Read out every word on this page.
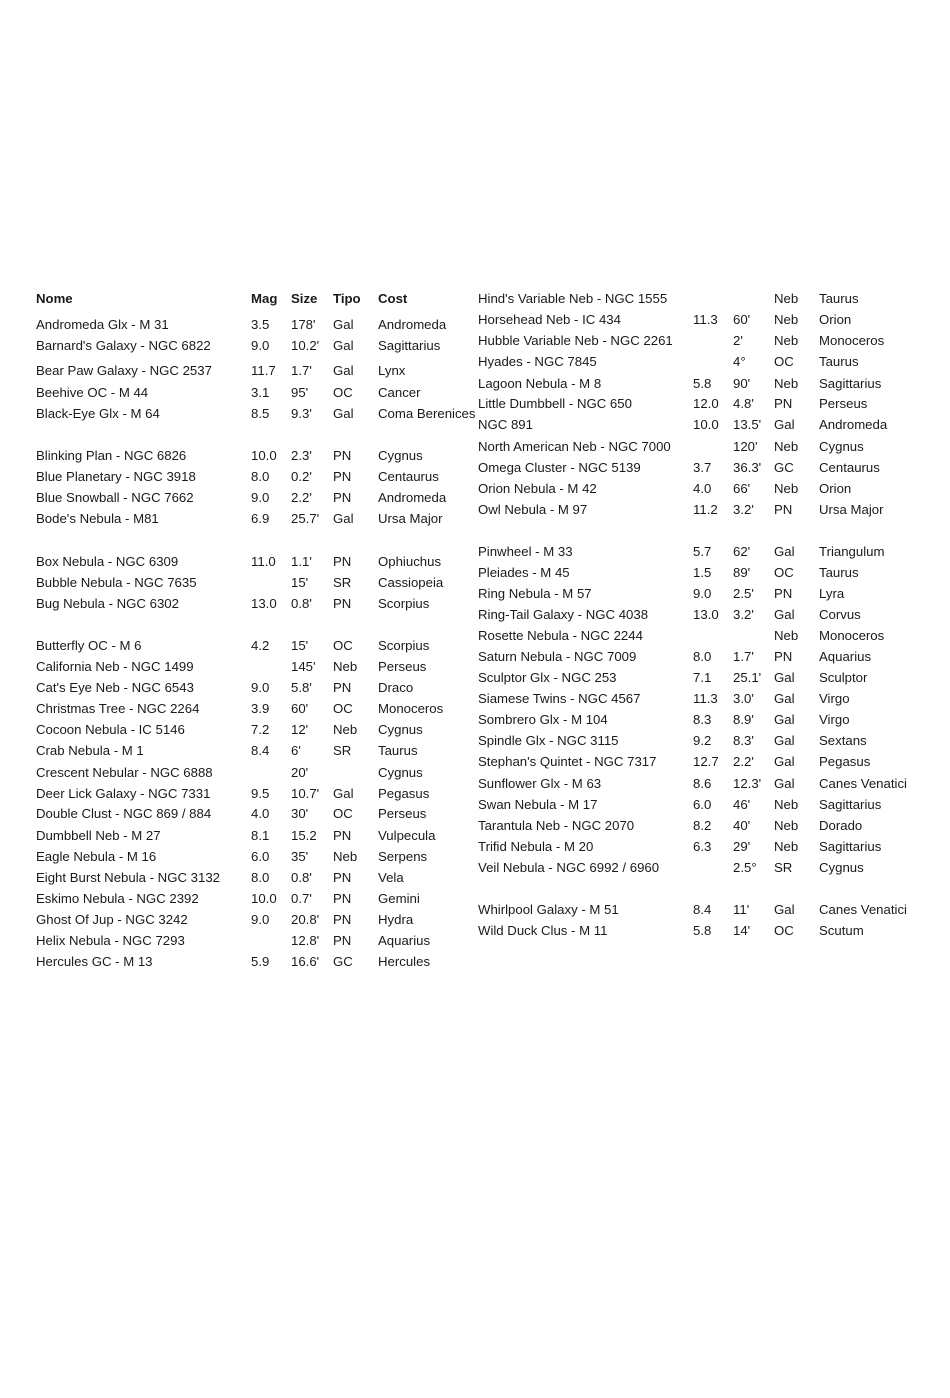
Nome	Mag Size Tipo Cost
Andromeda Glx - M 31	3.5 178' Gal Andromeda
Barnard's Galaxy - NGC 6822	9.0 10.2' Gal Sagittarius
Bear Paw Galaxy - NGC 2537	11.7 1.7' Gal Lynx
Beehive OC - M 44	3.1 95' OC Cancer
Black-Eye Glx - M 64	8.5 9.3' Gal Coma Berenices
Blinking Plan - NGC 6826	10.0 2.3' PN Cygnus
Blue Planetary - NGC 3918	8.0 0.2' PN Centaurus
Blue Snowball - NGC 7662	9.0 2.2' PN Andromeda
Bode's Nebula - M81	6.9 25.7' Gal Ursa Major
Box Nebula - NGC 6309	11.0 1.1' PN Ophiuchus
Bubble Nebula - NGC 7635	15' SR Cassiopeia
Bug Nebula - NGC 6302	13.0 0.8' PN Scorpius
Butterfly OC - M 6	4.2 15' OC Scorpius
California Neb - NGC 1499	145' Neb Perseus
Cat's Eye Neb - NGC 6543	9.0 5.8' PN Draco
Christmas Tree - NGC 2264	3.9 60' OC Monoceros
Cocoon Nebula - IC 5146	7.2 12' Neb Cygnus
Crab Nebula - M 1	8.4 6' SR Taurus
Crescent Nebular - NGC 6888	20'	Cygnus
Deer Lick Galaxy - NGC 7331	9.5 10.7' Gal Pegasus
Double Clust - NGC 869 / 884	4.0 30' OC Perseus
Dumbbell Neb - M 27	8.1 15.2 PN Vulpecula
Eagle Nebula - M 16	6.0 35' Neb Serpens
Eight Burst Nebula - NGC 3132 8.0 0.8' PN Vela
Eskimo Nebula - NGC 2392	10.0 0.7' PN Gemini
Ghost Of Jup - NGC 3242	9.0 20.8' PN Hydra
Helix Nebula - NGC 7293	12.8' PN Aquarius
Hercules GC - M 13	5.9 16.6' GC Hercules
Hind's Variable Neb - NGC 1555	Neb Taurus
Horsehead Neb - IC 434	11.3 60' Neb Orion
Hubble Variable Neb - NGC 2261	2' Neb Monoceros
Hyades - NGC 7845	4° OC Taurus
Lagoon Nebula - M 8	5.8 90' Neb Sagittarius
Little Dumbbell - NGC 650	12.0 4.8' PN Perseus
NGC 891	10.0 13.5' Gal Andromeda
North American Neb - NGC 7000	120' Neb Cygnus
Omega Cluster - NGC 5139	3.7 36.3' GC Centaurus
Orion Nebula - M 42	4.0 66' Neb Orion
Owl Nebula - M 97	11.2 3.2' PN Ursa Major
Pinwheel - M 33	5.7 62' Gal Triangulum
Pleiades - M 45	1.5 89' OC Taurus
Ring Nebula - M 57	9.0 2.5' PN Lyra
Ring-Tail Galaxy - NGC 4038	13.0 3.2' Gal Corvus
Rosette Nebula - NGC 2244	Neb Monoceros
Saturn Nebula - NGC 7009	8.0 1.7' PN Aquarius
Sculptor Glx - NGC 253	7.1 25.1' Gal Sculptor
Siamese Twins - NGC 4567	11.3 3.0' Gal Virgo
Sombrero Glx - M 104	8.3 8.9' Gal Virgo
Spindle Glx - NGC 3115	9.2 8.3' Gal Sextans
Stephan's Quintet - NGC 7317	12.7 2.2' Gal Pegasus
Sunflower Glx - M 63	8.6 12.3' Gal Canes Venatici
Swan Nebula - M 17	6.0 46' Neb Sagittarius
Tarantula Neb - NGC 2070	8.2 40' Neb Dorado
Trifid Nebula - M 20	6.3 29' Neb Sagittarius
Veil Nebula - NGC 6992 / 6960	2.5° SR Cygnus
Whirlpool Galaxy - M 51	8.4 11' Gal Canes Venatici
Wild Duck Clus - M 11	5.8 14' OC Scutum
